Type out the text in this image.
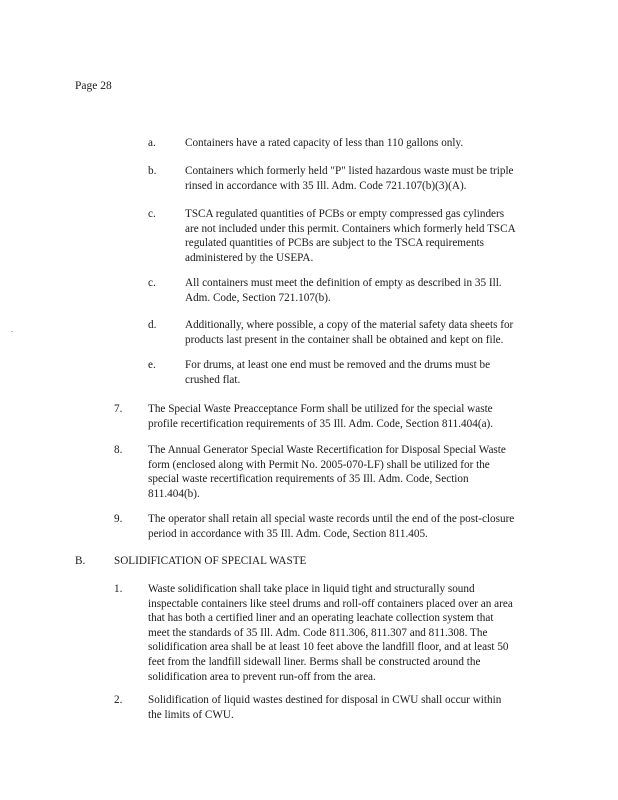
Page 28
.
a.	Containers have a rated capacity of less than 110 gallons only.

b.	Containers which formerly held "P" listed hazardous waste must be triple
rinsed in accordance with 35 Ill. Adm. Code 721.107(b)(3)(A).

c.	TSCA regulated quantities of PCBs or empty compressed gas cylinders
are not included under this permit. Containers which formerly held TSCA
regulated quantities of PCBs are subject to the TSCA requirements
administered by the USEPA.

c.	All containers must meet the definition of empty as described in 35 Ill.
Adm. Code, Section 721.107(b).

d.	Additionally, where possible, a copy of the material safety data sheets for
products last present in the container shall be obtained and kept on file.

e.	For drums, at least one end must be removed and the drums must be
crushed flat.

7. The Special Waste Preacceptance Form shall be utilized for the special waste
profile recertification requirements of 35 Ill. Adm. Code, Section 811.404(a).

8. The Annual Generator Special Waste Recertification for Disposal Special Waste
form (enclosed along with Permit No. 2005-070-LF) shall be utilized for the
special waste recertification requirements of 35 Ill. Adm. Code, Section
811.404(b).

9. The operator shall retain all special waste records until the end of the post-closure
period in accordance with 35 Ill. Adm. Code, Section 811.405.

B.	SOLIDIFICATION OF SPECIAL WASTE
1. Waste solidification shall take place in liquid tight and structurally sound
inspectable containers like steel drums and roll-off containers placed over an area
that has both a certified liner and an operating leachate collection system that
meet the standards of 35 Ill. Adm. Code 811.306, 811.307 and 811.308. The
solidification area shall be at least 10 feet above the landfill floor, and at least 50
feet from the landfill sidewall liner. Berms shall be constructed around the
solidification area to prevent run-off from the area.

2. Solidification of liquid wastes destined for disposal in CWU shall occur within
the limits of CWU.
